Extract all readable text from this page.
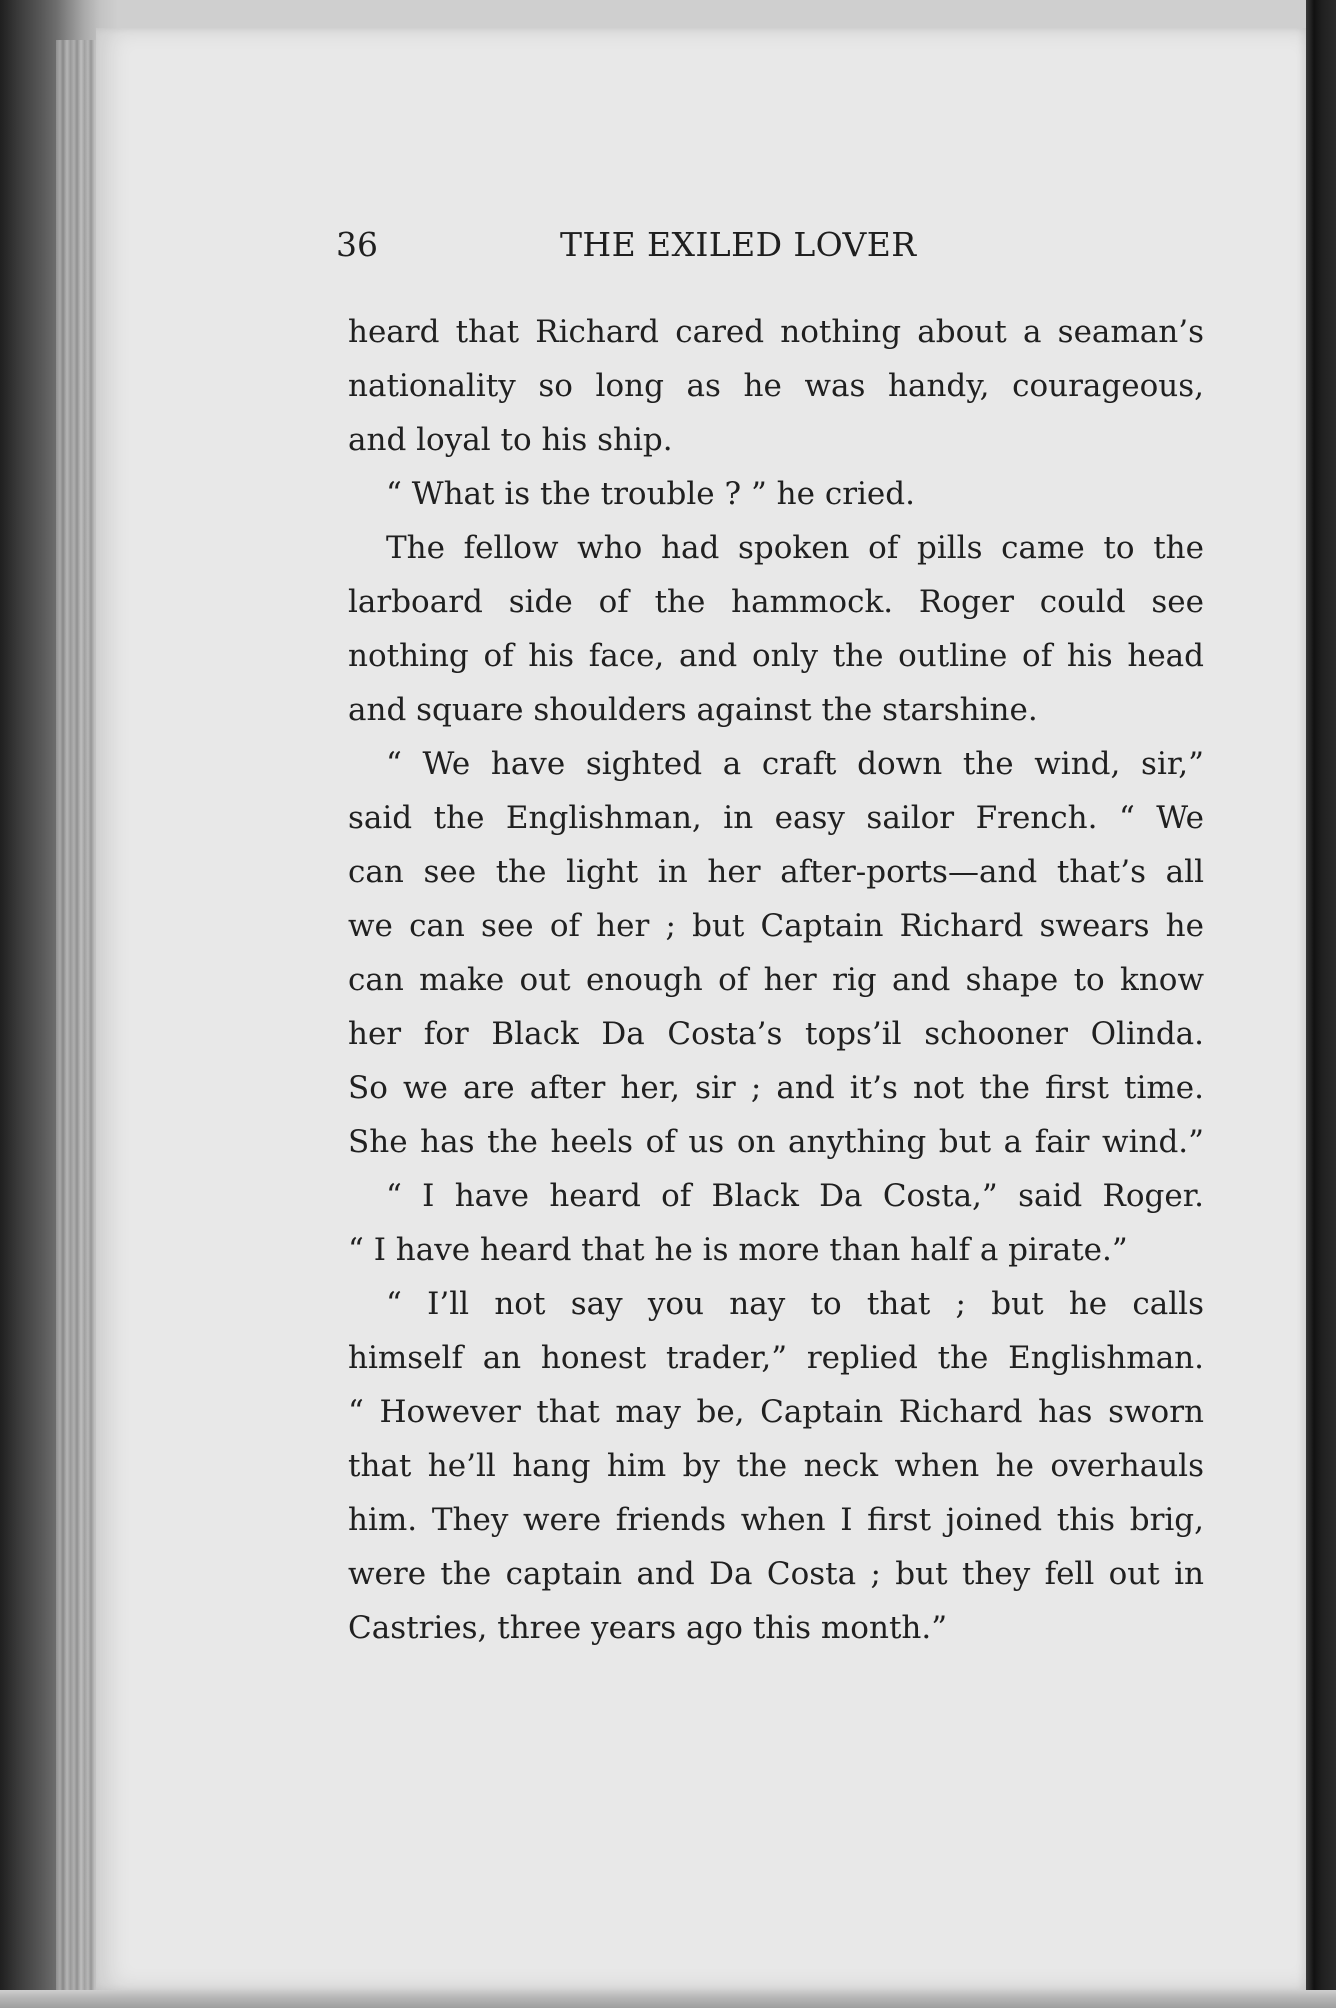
36	THE EXILED LOVER
heard that Richard cared nothing about a seaman’s
nationality so long as he was handy, courageous,
and loyal to his ship.
“ What is the trouble ? ” he cried.
The fellow who had spoken of pills came to the
larboard side of the hammock. Roger could see
nothing of his face, and only the outline of his head
and square shoulders against the starshine.
“ We have sighted a craft down the wind, sir,”
said the Englishman, in easy sailor French. “ We
can see the light in her after-ports—and that’s all
we can see of her ; but Captain Richard swears he
can make out enough of her rig and shape to know
her for Black Da Costa’s tops’il schooner Olinda.
So we are after her, sir ; and it’s not the first time.
She has the heels of us on anything but a fair wind.”
“ I have heard of Black Da Costa,” said Roger.
“ I have heard that he is more than half a pirate.”
“ I’ll not say you nay to that ; but he calls
himself an honest trader,” replied the Englishman.
“ However that may be, Captain Richard has sworn
that he’ll hang him by the neck when he overhauls
him. They were friends when I first joined this brig,
were the captain and Da Costa ; but they fell out in
Castries, three years ago this month.”
